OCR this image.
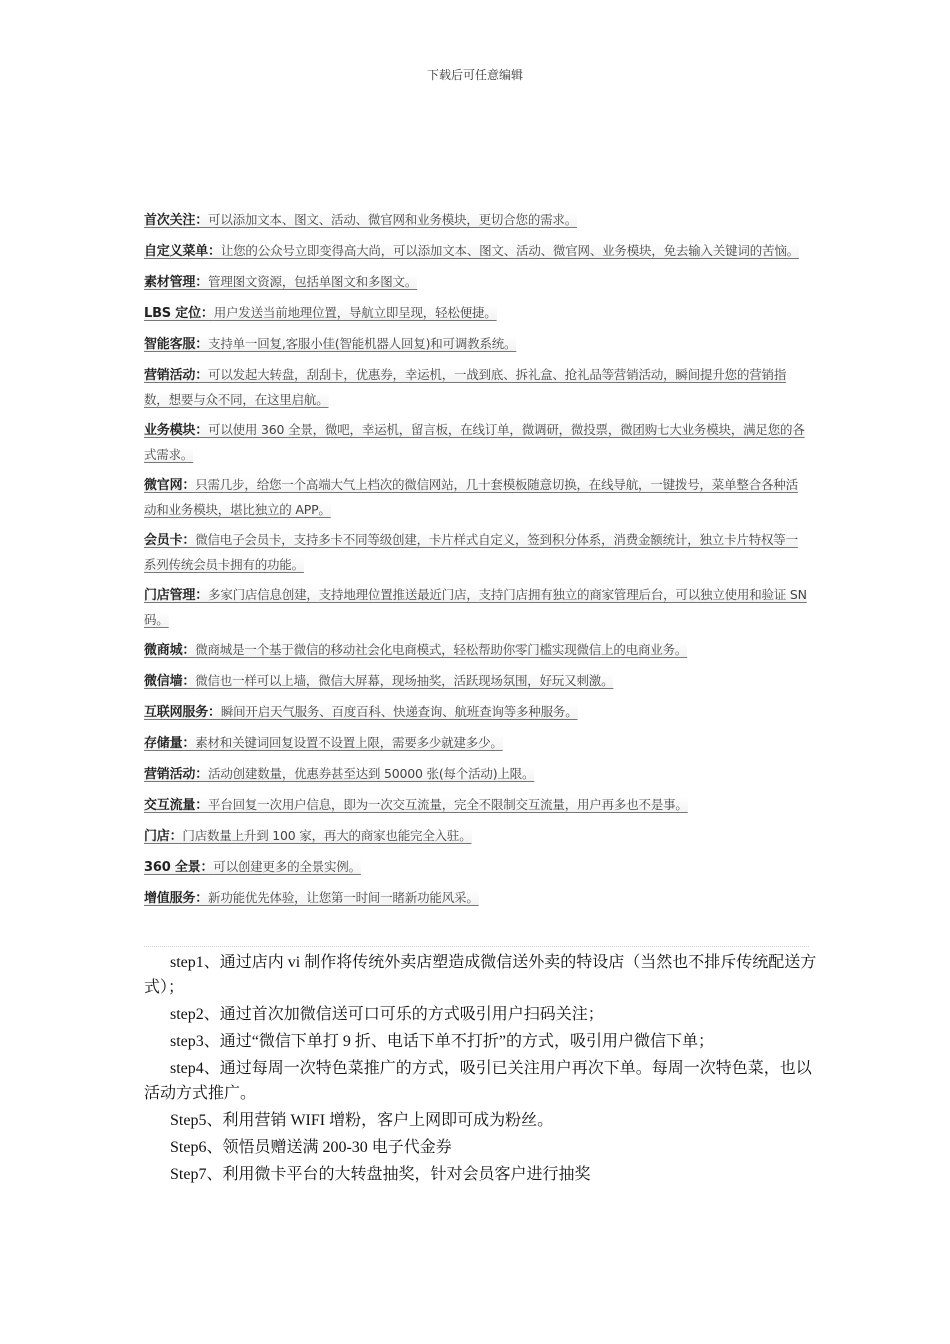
下载后可任意编辑

首次关注：可以添加文本、图文、活动、微官网和业务模块，更切合您的需求。

自定义菜单：让您的公众号立即变得高大尚，可以添加文本、图文、活动、微官网、业务模块，免去输入关键词的苦恼。

素材管理：管理图文资源，包括单图文和多图文。

LBS 定位：用户发送当前地理位置，导航立即呈现，轻松便捷。

智能客服：支持单一回复,客服小佳(智能机器人回复)和可调教系统。

营销活动：可以发起大转盘，刮刮卡，优惠券，幸运机，一战到底、拆礼盒、抢礼品等营销活动，瞬间提升您的营销指数，想要与众不同，在这里启航。

业务模块：可以使用 360 全景，微吧，幸运机，留言板，在线订单，微调研，微投票，微团购七大业务模块，满足您的各式需求。

微官网：只需几步，给您一个高端大气上档次的微信网站，几十套模板随意切换，在线导航，一键拨号，菜单整合各种活动和业务模块，堪比独立的 APP。

会员卡：微信电子会员卡，支持多卡不同等级创建，卡片样式自定义，签到积分体系，消费金额统计，独立卡片特权等一系列传统会员卡拥有的功能。

门店管理：多家门店信息创建，支持地理位置推送最近门店，支持门店拥有独立的商家管理后台，可以独立使用和验证 SN 码。

微商城：微商城是一个基于微信的移动社会化电商模式，轻松帮助你零门槛实现微信上的电商业务。

微信墙：微信也一样可以上墙，微信大屏幕，现场抽奖，活跃现场氛围，好玩又刺激。

互联网服务：瞬间开启天气服务、百度百科、快递查询、航班查询等多种服务。

存储量：素材和关键词回复设置不设置上限，需要多少就建多少。

营销活动：活动创建数量，优惠券甚至达到 50000 张(每个活动)上限。

交互流量：平台回复一次用户信息，即为一次交互流量，完全不限制交互流量，用户再多也不是事。

门店：门店数量上升到 100 家，再大的商家也能完全入驻。

360 全景：可以创建更多的全景实例。

增值服务：新功能优先体验，让您第一时间一睹新功能风采。

step1、通过店内 vi 制作将传统外卖店塑造成微信送外卖的特设店（当然也不排斥传统配送方式）；

step2、通过首次加微信送可口可乐的方式吸引用户扫码关注；

step3、通过“微信下单打 9 折、电话下单不打折”的方式，吸引用户微信下单；

step4、通过每周一次特色菜推广的方式，吸引已关注用户再次下单。每周一次特色菜，也以活动方式推广。

Step5、利用营销 WIFI 增粉，客户上网即可成为粉丝。

Step6、领悟员赠送满 200-30 电子代金券

Step7、利用微卡平台的大转盘抽奖，针对会员客户进行抽奖
